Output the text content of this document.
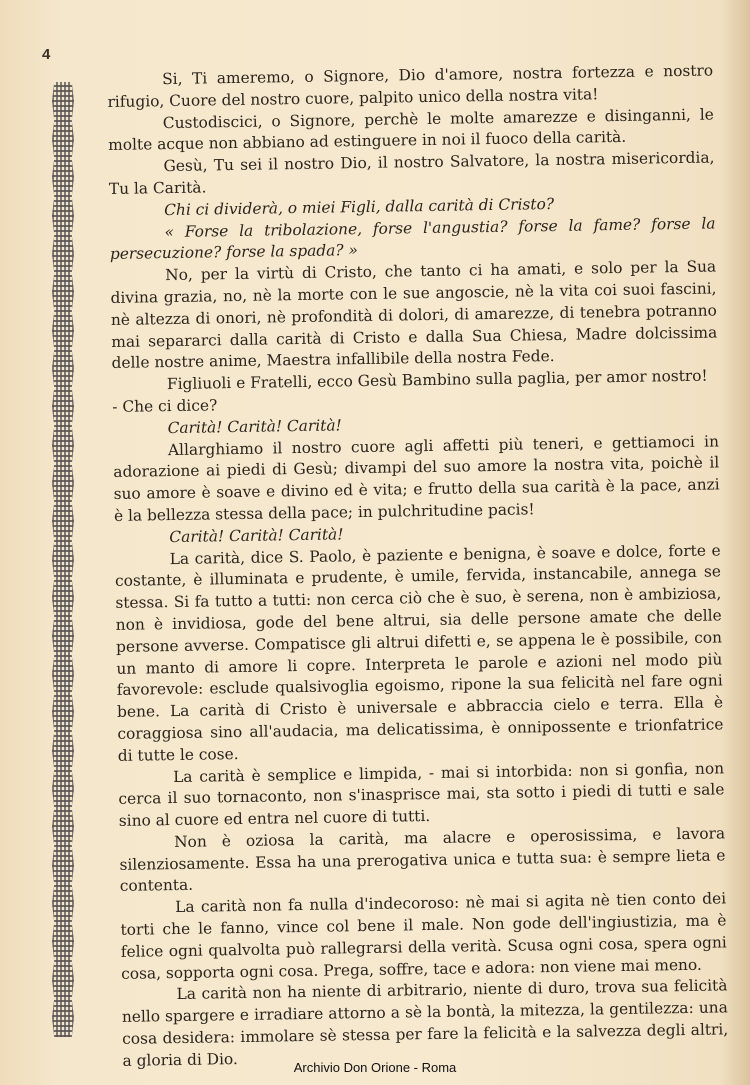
4

Si, Ti ameremo, o Signore, Dio d'amore, nostra fortezza e nostro rifugio, Cuore del nostro cuore, palpito unico della nostra vita!

Custodiscici, o Signore, perchè le molte amarezze e disinganni, le molte acque non abbiano ad estinguere in noi il fuoco della carità.

Gesù, Tu sei il nostro Dio, il nostro Salvatore, la nostra misericordia, Tu la Carità.

Chi ci dividerà, o miei Figli, dalla carità di Cristo?

« Forse la tribolazione, forse l'angustia? forse la fame? forse la persecuzione? forse la spada? »

No, per la virtù di Cristo, che tanto ci ha amati, e solo per la Sua divina grazia, no, nè la morte con le sue angoscie, nè la vita coi suoi fascini, nè altezza di onori, nè profondità di dolori, di amarezze, di tenebra potranno mai separarci dalla carità di Cristo e dalla Sua Chiesa, Madre dolcissima delle nostre anime, Maestra infallibile della nostra Fede.

Figliuoli e Fratelli, ecco Gesù Bambino sulla paglia, per amor nostro!

- Che ci dice?

Carità! Carità! Carità!

Allarghiamo il nostro cuore agli affetti più teneri, e gettiamoci in adorazione ai piedi di Gesù; divampi del suo amore la nostra vita, poichè il suo amore è soave e divino ed è vita; e frutto della sua carità è la pace, anzi è la bellezza stessa della pace; in pulchritudine pacis!

Carità! Carità! Carità!

La carità, dice S. Paolo, è paziente e benigna, è soave e dolce, forte e costante, è illuminata e prudente, è umile, fervida, instancabile, annega se stessa. Si fa tutto a tutti: non cerca ciò che è suo, è serena, non è ambiziosa, non è invidiosa, gode del bene altrui, sia delle persone amate che delle persone avverse. Compatisce gli altrui difetti e, se appena le è possibile, con un manto di amore li copre. Interpreta le parole e azioni nel modo più favorevole: esclude qualsivoglia egoismo, ripone la sua felicità nel fare ogni bene. La carità di Cristo è universale e abbraccia cielo e terra. Ella è coraggiosa sino all'audacia, ma delicatissima, è onnipossente e trionfatrice di tutte le cose.

La carità è semplice e limpida, - mai si intorbida: non si gonfia, non cerca il suo tornaconto, non s'inasprisce mai, sta sotto i piedi di tutti e sale sino al cuore ed entra nel cuore di tutti.

Non è oziosa la carità, ma alacre e operosissima, e lavora silenziosamente. Essa ha una prerogativa unica e tutta sua: è sempre lieta e contenta.

La carità non fa nulla d'indecoroso: nè mai si agita nè tien conto dei torti che le fanno, vince col bene il male. Non gode dell'ingiustizia, ma è felice ogni qualvolta può rallegrarsi della verità. Scusa ogni cosa, spera ogni cosa, sopporta ogni cosa. Prega, soffre, tace e adora: non viene mai meno.

La carità non ha niente di arbitrario, niente di duro, trova sua felicità nello spargere e irradiare attorno a sè la bontà, la mitezza, la gentilezza: una cosa desidera: immolare sè stessa per fare la felicità e la salvezza degli altri, a gloria di Dio.	Archivio Don Orione - Roma
